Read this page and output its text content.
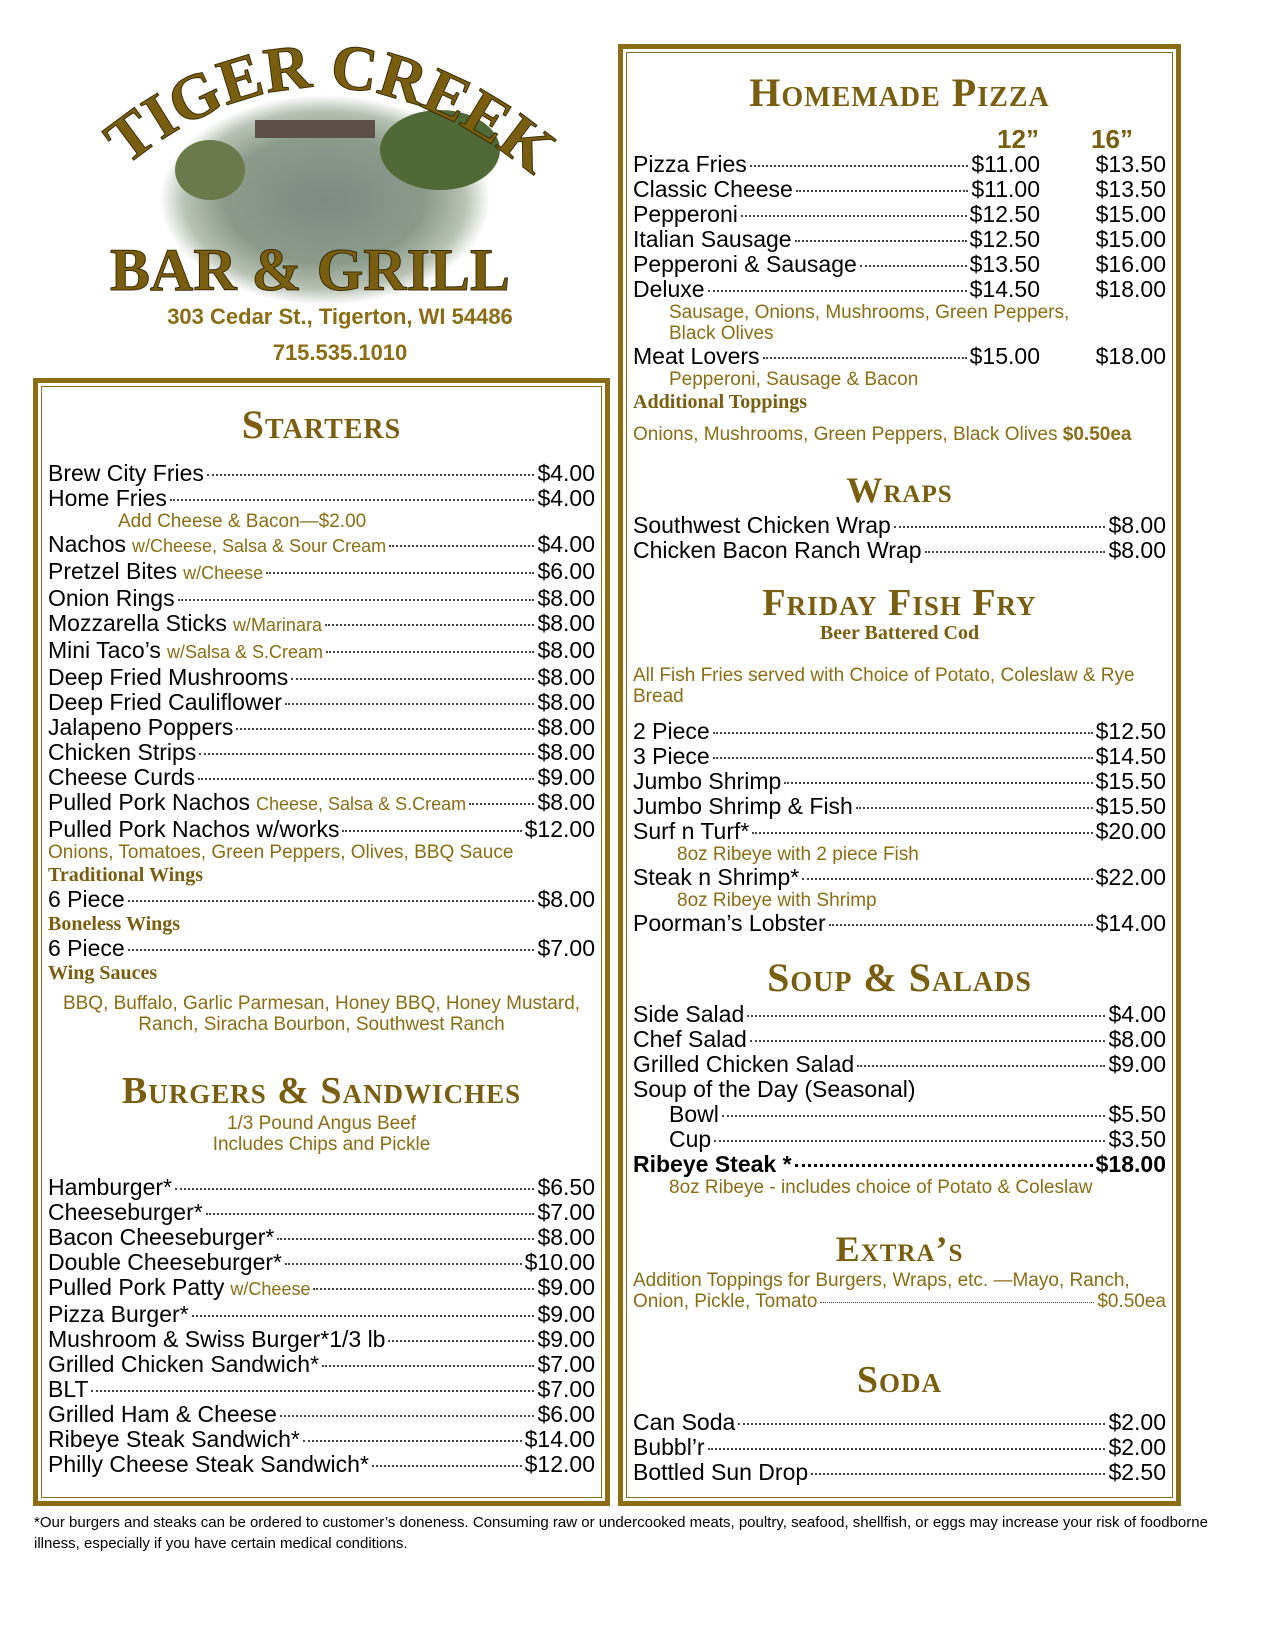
TIGER CREEK
BAR & GRILL
303 Cedar St., Tigerton, WI 54486
715.535.1010
Starters
Brew City Fries	$4.00
Home Fries	$4.00
Add Cheese & Bacon—$2.00
Nachos w/Cheese, Salsa & Sour Cream	$4.00
Pretzel Bites w/Cheese	$6.00
Onion Rings	$8.00
Mozzarella Sticks w/Marinara	$8.00
Mini Taco’s w/Salsa & S.Cream	$8.00
Deep Fried Mushrooms	$8.00
Deep Fried Cauliflower	$8.00
Jalapeno Poppers	$8.00
Chicken Strips	$8.00
Cheese Curds	$9.00
Pulled Pork Nachos Cheese, Salsa & S.Cream	$8.00
Pulled Pork Nachos w/works	$12.00
Onions, Tomatoes, Green Peppers, Olives, BBQ Sauce
Traditional Wings
6 Piece	$8.00
Boneless Wings
6 Piece	$7.00
Wing Sauces
BBQ, Buffalo, Garlic Parmesan, Honey BBQ, Honey Mustard,
Ranch, Siracha Bourbon, Southwest Ranch
Burgers & Sandwiches
1/3 Pound Angus Beef
Includes Chips and Pickle
Hamburger*	$6.50
Cheeseburger*	$7.00
Bacon Cheeseburger*	$8.00
Double Cheeseburger*	$10.00
Pulled Pork Patty w/Cheese	$9.00
Pizza Burger*	$9.00
Mushroom & Swiss Burger*1/3 lb	$9.00
Grilled Chicken Sandwich*	$7.00
BLT	$7.00
Grilled Ham & Cheese	$6.00
Ribeye Steak Sandwich*	$14.00
Philly Cheese Steak Sandwich*	$12.00
Homemade Pizza
12”	16”
Pizza Fries	$11.00	$13.50
Classic Cheese	$11.00	$13.50
Pepperoni	$12.50	$15.00
Italian Sausage	$12.50	$15.00
Pepperoni & Sausage	$13.50	$16.00
Deluxe	$14.50	$18.00
Sausage, Onions, Mushrooms, Green Peppers,
Black Olives
Meat Lovers	$15.00	$18.00
Pepperoni, Sausage & Bacon
Additional Toppings
Onions, Mushrooms, Green Peppers, Black Olives $0.50ea
Wraps
Southwest Chicken Wrap	$8.00
Chicken Bacon Ranch Wrap	$8.00
Friday Fish Fry
Beer Battered Cod
All Fish Fries served with Choice of Potato, Coleslaw & Rye
Bread
2 Piece	$12.50
3 Piece	$14.50
Jumbo Shrimp	$15.50
Jumbo Shrimp & Fish	$15.50
Surf n Turf*	$20.00
8oz Ribeye with 2 piece Fish
Steak n Shrimp*	$22.00
8oz Ribeye with Shrimp
Poorman’s Lobster	$14.00
Soup & Salads
Side Salad	$4.00
Chef Salad	$8.00
Grilled Chicken Salad	$9.00
Soup of the Day (Seasonal)
Bowl	$5.50
Cup	$3.50
Ribeye Steak *	$18.00
8oz Ribeye - includes choice of Potato & Coleslaw
Extra’s
Addition Toppings for Burgers, Wraps, etc. —Mayo, Ranch,
Onion, Pickle, Tomato	$0.50ea
Soda
Can Soda	$2.00
Bubbl’r	$2.00
Bottled Sun Drop	$2.50
*Our burgers and steaks can be ordered to customer’s doneness. Consuming raw or undercooked meats, poultry, seafood, shellfish, or eggs may increase your risk of foodborne illness, especially if you have certain medical conditions.
